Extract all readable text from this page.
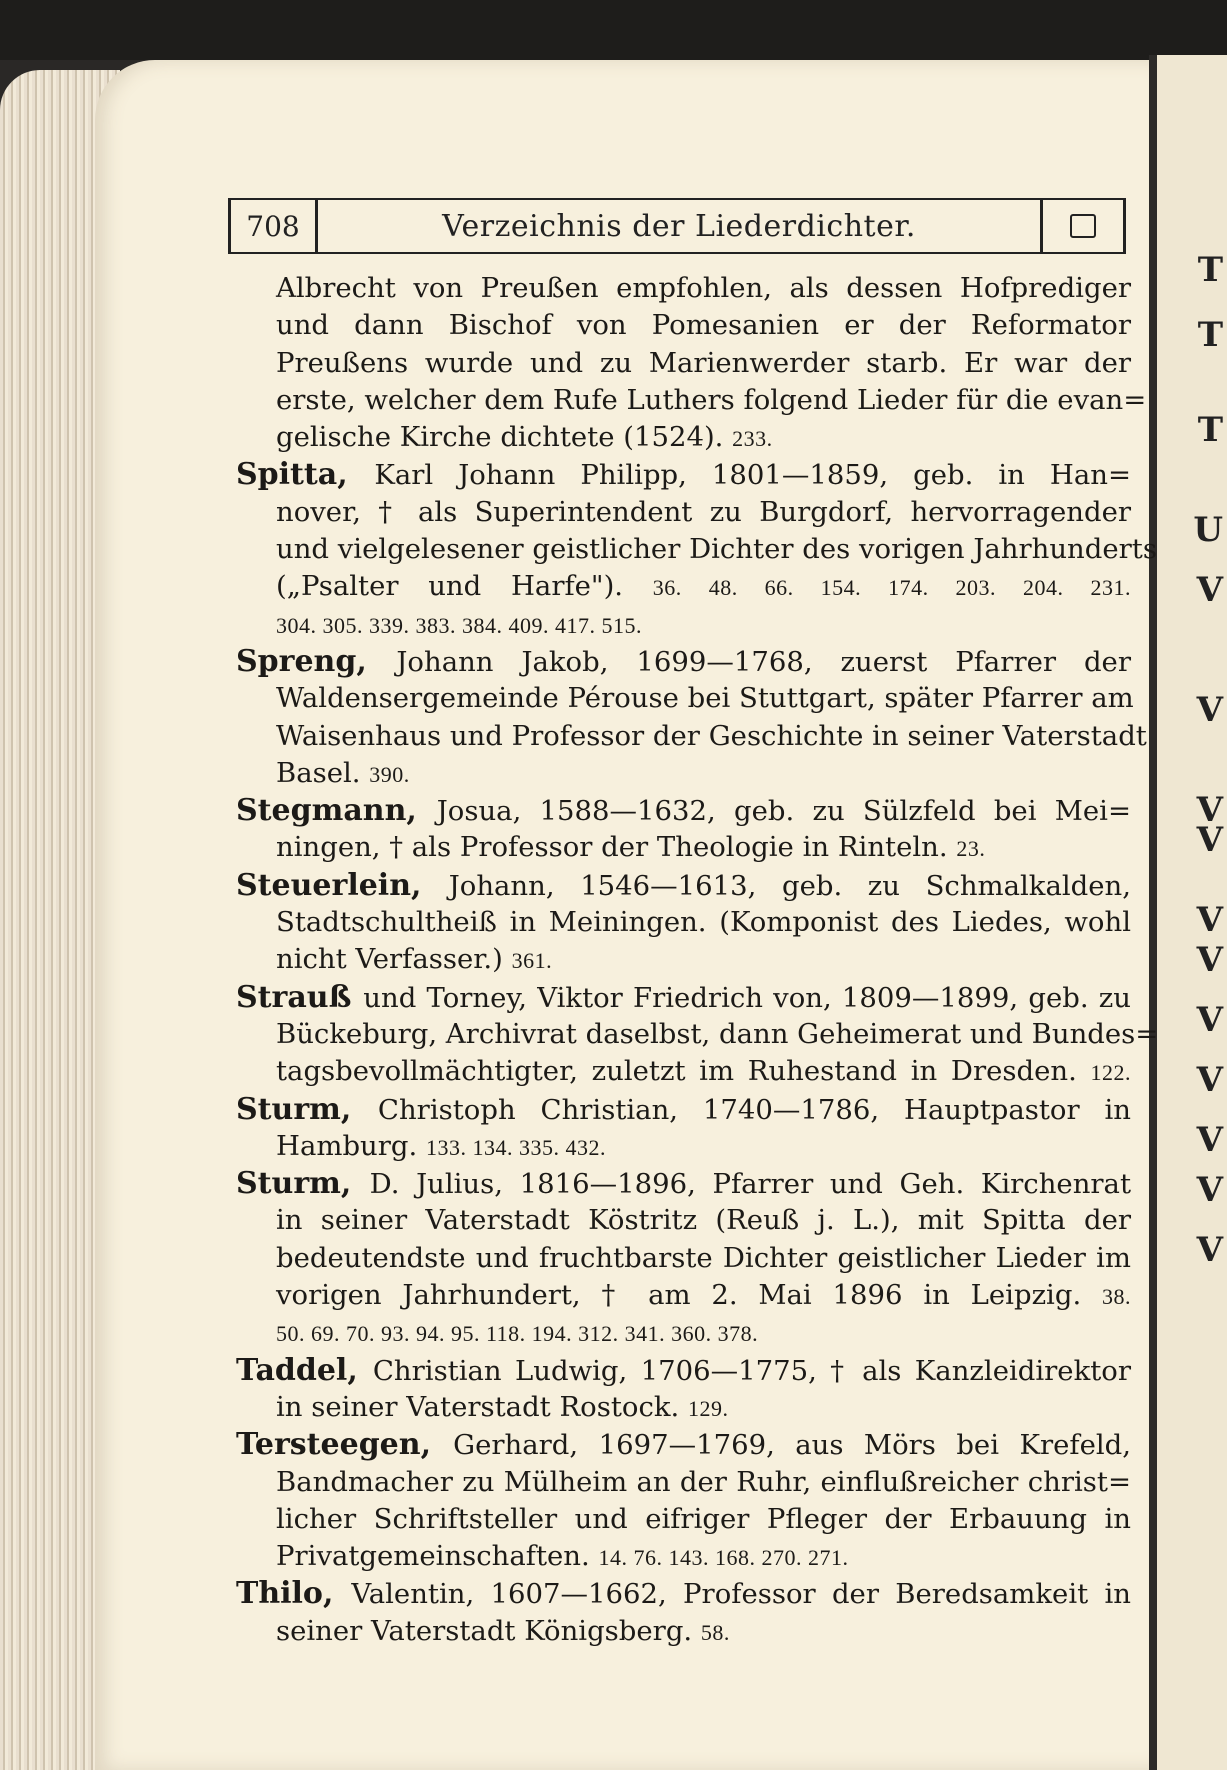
T
T
T
U
V
V
V
V
V
V
V
V
V
V
V
708	Verzeichnis der Liederdichter.
Albrecht von Preußen empfohlen, als dessen Hofprediger
und dann Bischof von Pomesanien er der Reformator
Preußens wurde und zu Marienwerder starb. Er war der
erste, welcher dem Rufe Luthers folgend Lieder für die evan=
gelische Kirche dichtete (1524). 233.
Spitta, Karl Johann Philipp, 1801—1859, geb. in Han=
nover, † als Superintendent zu Burgdorf, hervorragender
und vielgelesener geistlicher Dichter des vorigen Jahrhunderts
(„Psalter und Harfe"). 36. 48. 66. 154. 174. 203. 204. 231.
304. 305. 339. 383. 384. 409. 417. 515.
Spreng, Johann Jakob, 1699—1768, zuerst Pfarrer der
Waldensergemeinde Pérouse bei Stuttgart, später Pfarrer am
Waisenhaus und Professor der Geschichte in seiner Vaterstadt
Basel. 390.
Stegmann, Josua, 1588—1632, geb. zu Sülzfeld bei Mei=
ningen, † als Professor der Theologie in Rinteln. 23.
Steuerlein, Johann, 1546—1613, geb. zu Schmalkalden,
Stadtschultheiß in Meiningen. (Komponist des Liedes, wohl
nicht Verfasser.) 361.
Strauß und Torney, Viktor Friedrich von, 1809—1899, geb. zu
Bückeburg, Archivrat daselbst, dann Geheimerat und Bundes=
tagsbevollmächtigter, zuletzt im Ruhestand in Dresden. 122.
Sturm, Christoph Christian, 1740—1786, Hauptpastor in
Hamburg. 133. 134. 335. 432.
Sturm, D. Julius, 1816—1896, Pfarrer und Geh. Kirchenrat
in seiner Vaterstadt Köstritz (Reuß j. L.), mit Spitta der
bedeutendste und fruchtbarste Dichter geistlicher Lieder im
vorigen Jahrhundert, † am 2. Mai 1896 in Leipzig. 38.
50. 69. 70. 93. 94. 95. 118. 194. 312. 341. 360. 378.
Taddel, Christian Ludwig, 1706—1775, † als Kanzleidirektor
in seiner Vaterstadt Rostock. 129.
Tersteegen, Gerhard, 1697—1769, aus Mörs bei Krefeld,
Bandmacher zu Mülheim an der Ruhr, einflußreicher christ=
licher Schriftsteller und eifriger Pfleger der Erbauung in
Privatgemeinschaften. 14. 76. 143. 168. 270. 271.
Thilo, Valentin, 1607—1662, Professor der Beredsamkeit in
seiner Vaterstadt Königsberg. 58.
